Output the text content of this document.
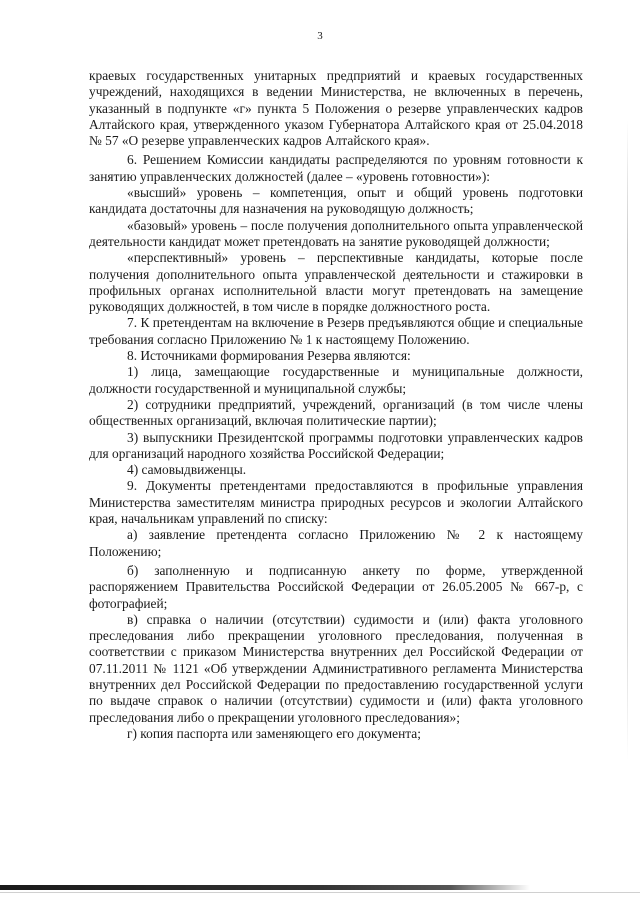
3

краевых государственных унитарных предприятий и краевых государственных учреждений, находящихся в ведении Министерства, не включенных в перечень, указанный в подпункте «г» пункта 5 Положения о резерве управленческих кадров Алтайского края, утвержденного указом Губернатора Алтайского края от 25.04.2018 № 57 «О резерве управленческих кадров Алтайского края».

6. Решением Комиссии кандидаты распределяются по уровням готовности к занятию управленческих должностей (далее – «уровень готовности»):

«высший» уровень – компетенция, опыт и общий уровень подготовки кандидата достаточны для назначения на руководящую должность;

«базовый» уровень – после получения дополнительного опыта управленческой деятельности кандидат может претендовать на занятие руководящей должности;

«перспективный» уровень – перспективные кандидаты, которые после получения дополнительного опыта управленческой деятельности и стажировки в профильных органах исполнительной власти могут претендовать на замещение руководящих должностей, в том числе в порядке должностного роста.

7. К претендентам на включение в Резерв предъявляются общие и специальные требования согласно Приложению № 1 к настоящему Положению.

8. Источниками формирования Резерва являются:

1) лица, замещающие государственные и муниципальные должности, должности государственной и муниципальной службы;

2) сотрудники предприятий, учреждений, организаций (в том числе члены общественных организаций, включая политические партии);

3) выпускники Президентской программы подготовки управленческих кадров для организаций народного хозяйства Российской Федерации;

4) самовыдвиженцы.

9. Документы претендентами предоставляются в профильные управления Министерства заместителям министра природных ресурсов и экологии Алтайского края, начальникам управлений по списку:

а) заявление претендента согласно Приложению № 2 к настоящему Положению;

б) заполненную и подписанную анкету по форме, утвержденной распоряжением Правительства Российской Федерации от 26.05.2005 № 667-р, с фотографией;

в) справка о наличии (отсутствии) судимости и (или) факта уголовного преследования либо прекращении уголовного преследования, полученная в соответствии с приказом Министерства внутренних дел Российской Федерации от 07.11.2011 № 1121 «Об утверждении Административного регламента Министерства внутренних дел Российской Федерации по предоставлению государственной услуги по выдаче справок о наличии (отсутствии) судимости и (или) факта уголовного преследования либо о прекращении уголовного преследования»;

г) копия паспорта или заменяющего его документа;
